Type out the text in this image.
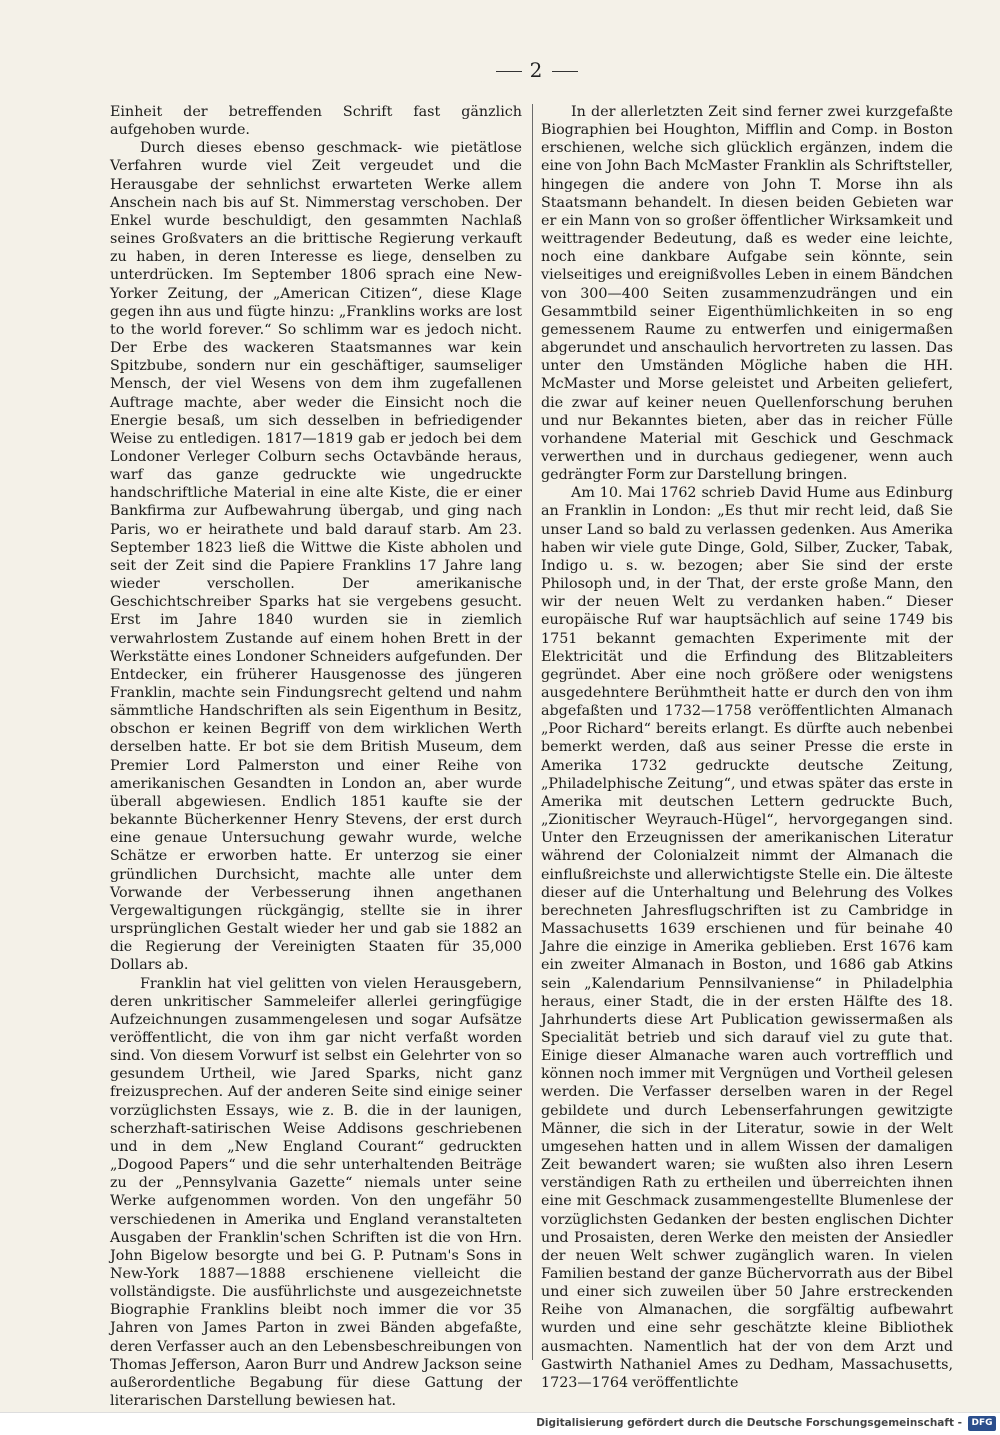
2

Einheit der betreffenden Schrift fast gänzlich aufgehoben wurde.

Durch dieses ebenso geschmack- wie pietätlose Verfahren wurde viel Zeit vergeudet und die Herausgabe der sehnlichst erwarteten Werke allem Anschein nach bis auf St. Nimmerstag verschoben. Der Enkel wurde beschuldigt, den gesammten Nachlaß seines Großvaters an die brittische Regierung verkauft zu haben, in deren Interesse es liege, denselben zu unterdrücken. Im September 1806 sprach eine New-Yorker Zeitung, der „American Citizen“, diese Klage gegen ihn aus und fügte hinzu: „Franklins works are lost to the world forever.“ So schlimm war es jedoch nicht. Der Erbe des wackeren Staatsmannes war kein Spitzbube, sondern nur ein geschäftiger, saumseliger Mensch, der viel Wesens von dem ihm zugefallenen Auftrage machte, aber weder die Einsicht noch die Energie besaß, um sich desselben in befriedigender Weise zu entledigen. 1817—1819 gab er jedoch bei dem Londoner Verleger Colburn sechs Octavbände heraus, warf das ganze gedruckte wie ungedruckte handschriftliche Material in eine alte Kiste, die er einer Bankfirma zur Aufbewahrung übergab, und ging nach Paris, wo er heirathete und bald darauf starb. Am 23. September 1823 ließ die Wittwe die Kiste abholen und seit der Zeit sind die Papiere Franklins 17 Jahre lang wieder verschollen. Der amerikanische Geschichtschreiber Sparks hat sie vergebens gesucht. Erst im Jahre 1840 wurden sie in ziemlich verwahrlostem Zustande auf einem hohen Brett in der Werkstätte eines Londoner Schneiders aufgefunden. Der Entdecker, ein früherer Hausgenosse des jüngeren Franklin, machte sein Findungsrecht geltend und nahm sämmtliche Handschriften als sein Eigenthum in Besitz, obschon er keinen Begriff von dem wirklichen Werth derselben hatte. Er bot sie dem British Museum, dem Premier Lord Palmerston und einer Reihe von amerikanischen Gesandten in London an, aber wurde überall abgewiesen. Endlich 1851 kaufte sie der bekannte Bücherkenner Henry Stevens, der erst durch eine genaue Untersuchung gewahr wurde, welche Schätze er erworben hatte. Er unterzog sie einer gründlichen Durchsicht, machte alle unter dem Vorwande der Verbesserung ihnen angethanen Vergewaltigungen rückgängig, stellte sie in ihrer ursprünglichen Gestalt wieder her und gab sie 1882 an die Regierung der Vereinigten Staaten für 35,000 Dollars ab.

Franklin hat viel gelitten von vielen Herausgebern, deren unkritischer Sammeleifer allerlei geringfügige Aufzeichnungen zusammengelesen und sogar Aufsätze veröffentlicht, die von ihm gar nicht verfaßt worden sind. Von diesem Vorwurf ist selbst ein Gelehrter von so gesundem Urtheil, wie Jared Sparks, nicht ganz freizusprechen. Auf der anderen Seite sind einige seiner vorzüglichsten Essays, wie z. B. die in der launigen, scherzhaft-satirischen Weise Addisons geschriebenen und in dem „New England Courant“ gedruckten „Dogood Papers“ und die sehr unterhaltenden Beiträge zu der „Pennsylvania Gazette“ niemals unter seine Werke aufgenommen worden. Von den ungefähr 50 verschiedenen in Amerika und England veranstalteten Ausgaben der Franklin'schen Schriften ist die von Hrn. John Bigelow besorgte und bei G. P. Putnam's Sons in New-York 1887—1888 erschienene vielleicht die vollständigste. Die ausführlichste und ausgezeichnetste Biographie Franklins bleibt noch immer die vor 35 Jahren von James Parton in zwei Bänden abgefaßte, deren Verfasser auch an den Lebensbeschreibungen von Thomas Jefferson, Aaron Burr und Andrew Jackson seine außerordentliche Begabung für diese Gattung der literarischen Darstellung bewiesen hat.

In der allerletzten Zeit sind ferner zwei kurzgefaßte Biographien bei Houghton, Mifflin and Comp. in Boston erschienen, welche sich glücklich ergänzen, indem die eine von John Bach McMaster Franklin als Schriftsteller, hingegen die andere von John T. Morse ihn als Staatsmann behandelt. In diesen beiden Gebieten war er ein Mann von so großer öffentlicher Wirksamkeit und weittragender Bedeutung, daß es weder eine leichte, noch eine dankbare Aufgabe sein könnte, sein vielseitiges und ereignißvolles Leben in einem Bändchen von 300—400 Seiten zusammenzudrängen und ein Gesammtbild seiner Eigenthümlichkeiten in so eng gemessenem Raume zu entwerfen und einigermaßen abgerundet und anschaulich hervortreten zu lassen. Das unter den Umständen Mögliche haben die HH. McMaster und Morse geleistet und Arbeiten geliefert, die zwar auf keiner neuen Quellenforschung beruhen und nur Bekanntes bieten, aber das in reicher Fülle vorhandene Material mit Geschick und Geschmack verwerthen und in durchaus gediegener, wenn auch gedrängter Form zur Darstellung bringen.

Am 10. Mai 1762 schrieb David Hume aus Edinburg an Franklin in London: „Es thut mir recht leid, daß Sie unser Land so bald zu verlassen gedenken. Aus Amerika haben wir viele gute Dinge, Gold, Silber, Zucker, Tabak, Indigo u. s. w. bezogen; aber Sie sind der erste Philosoph und, in der That, der erste große Mann, den wir der neuen Welt zu verdanken haben.“ Dieser europäische Ruf war hauptsächlich auf seine 1749 bis 1751 bekannt gemachten Experimente mit der Elektricität und die Erfindung des Blitzableiters gegründet. Aber eine noch größere oder wenigstens ausgedehntere Berühmtheit hatte er durch den von ihm abgefaßten und 1732—1758 veröffentlichten Almanach „Poor Richard“ bereits erlangt. Es dürfte auch nebenbei bemerkt werden, daß aus seiner Presse die erste in Amerika 1732 gedruckte deutsche Zeitung, „Philadelphische Zeitung“, und etwas später das erste in Amerika mit deutschen Lettern gedruckte Buch, „Zionitischer Weyrauch-Hügel“, hervorgegangen sind. Unter den Erzeugnissen der amerikanischen Literatur während der Colonialzeit nimmt der Almanach die einflußreichste und allerwichtigste Stelle ein. Die älteste dieser auf die Unterhaltung und Belehrung des Volkes berechneten Jahresflugschriften ist zu Cambridge in Massachusetts 1639 erschienen und für beinahe 40 Jahre die einzige in Amerika geblieben. Erst 1676 kam ein zweiter Almanach in Boston, und 1686 gab Atkins sein „Kalendarium Pennsilvaniense“ in Philadelphia heraus, einer Stadt, die in der ersten Hälfte des 18. Jahrhunderts diese Art Publication gewissermaßen als Specialität betrieb und sich darauf viel zu gute that. Einige dieser Almanache waren auch vortrefflich und können noch immer mit Vergnügen und Vortheil gelesen werden. Die Verfasser derselben waren in der Regel gebildete und durch Lebenserfahrungen gewitzigte Männer, die sich in der Literatur, sowie in der Welt umgesehen hatten und in allem Wissen der damaligen Zeit bewandert waren; sie wußten also ihren Lesern verständigen Rath zu ertheilen und überreichten ihnen eine mit Geschmack zusammengestellte Blumenlese der vorzüglichsten Gedanken der besten englischen Dichter und Prosaisten, deren Werke den meisten der Ansiedler der neuen Welt schwer zugänglich waren. In vielen Familien bestand der ganze Büchervorrath aus der Bibel und einer sich zuweilen über 50 Jahre erstreckenden Reihe von Almanachen, die sorgfältig aufbewahrt wurden und eine sehr geschätzte kleine Bibliothek ausmachten. Namentlich hat der von dem Arzt und Gastwirth Nathaniel Ames zu Dedham, Massachusetts, 1723—1764 veröffentlichte

Digitalisierung gefördert durch die Deutsche Forschungsgemeinschaft -	DFG
